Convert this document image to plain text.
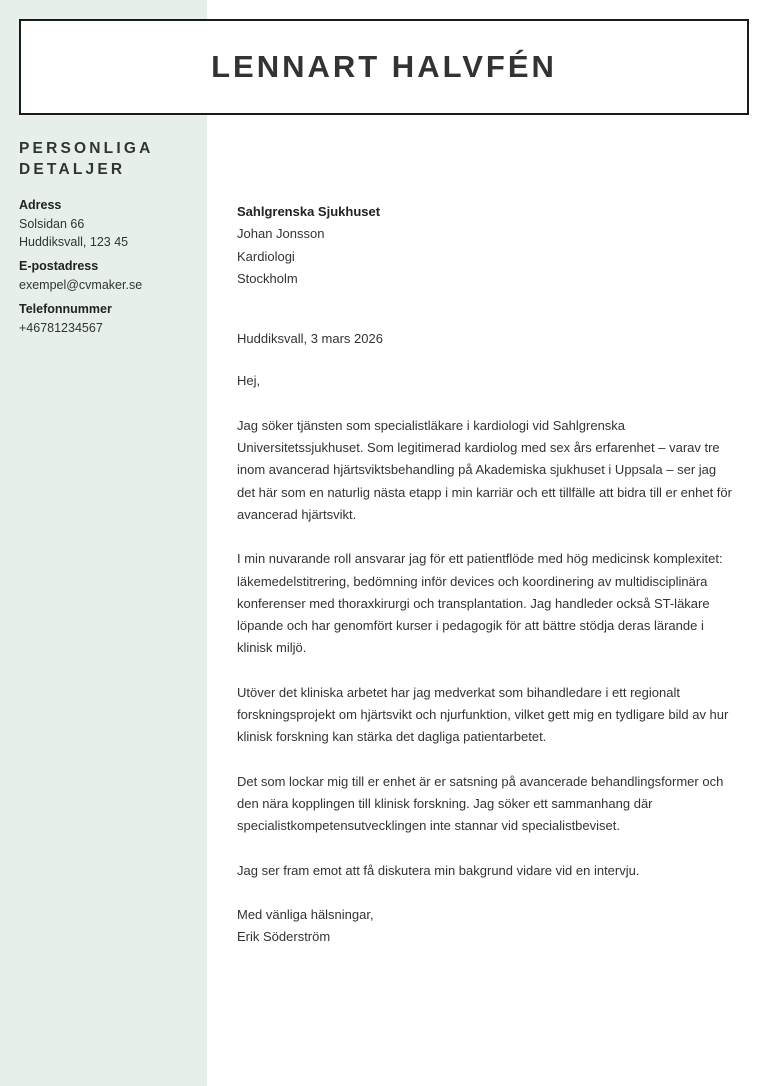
LENNART HALVFÉN
PERSONLIGA
DETALJER
Adress
Solsidan 66
Huddiksvall, 123 45
E-postadress
exempel@cvmaker.se
Telefonnummer
+46781234567
Sahlgrenska Sjukhuset
Johan Jonsson
Kardiologi
Stockholm
Huddiksvall, 3 mars 2026
Hej,
Jag söker tjänsten som specialistläkare i kardiologi vid Sahlgrenska Universitetssjukhuset. Som legitimerad kardiolog med sex års erfarenhet – varav tre inom avancerad hjärtsviktsbehandling på Akademiska sjukhuset i Uppsala – ser jag det här som en naturlig nästa etapp i min karriär och ett tillfälle att bidra till er enhet för avancerad hjärtsvikt.
I min nuvarande roll ansvarar jag för ett patientflöde med hög medicinsk komplexitet: läkemedelstitrering, bedömning inför devices och koordinering av multidisciplinära konferenser med thoraxkirurgi och transplantation. Jag handleder också ST-läkare löpande och har genomfört kurser i pedagogik för att bättre stödja deras lärande i klinisk miljö.
Utöver det kliniska arbetet har jag medverkat som bihandledare i ett regionalt forskningsprojekt om hjärtsvikt och njurfunktion, vilket gett mig en tydligare bild av hur klinisk forskning kan stärka det dagliga patientarbetet.
Det som lockar mig till er enhet är er satsning på avancerade behandlingsformer och den nära kopplingen till klinisk forskning. Jag söker ett sammanhang där specialistkompetensutvecklingen inte stannar vid specialistbeviset.
Jag ser fram emot att få diskutera min bakgrund vidare vid en intervju.
Med vänliga hälsningar,
Erik Söderström
